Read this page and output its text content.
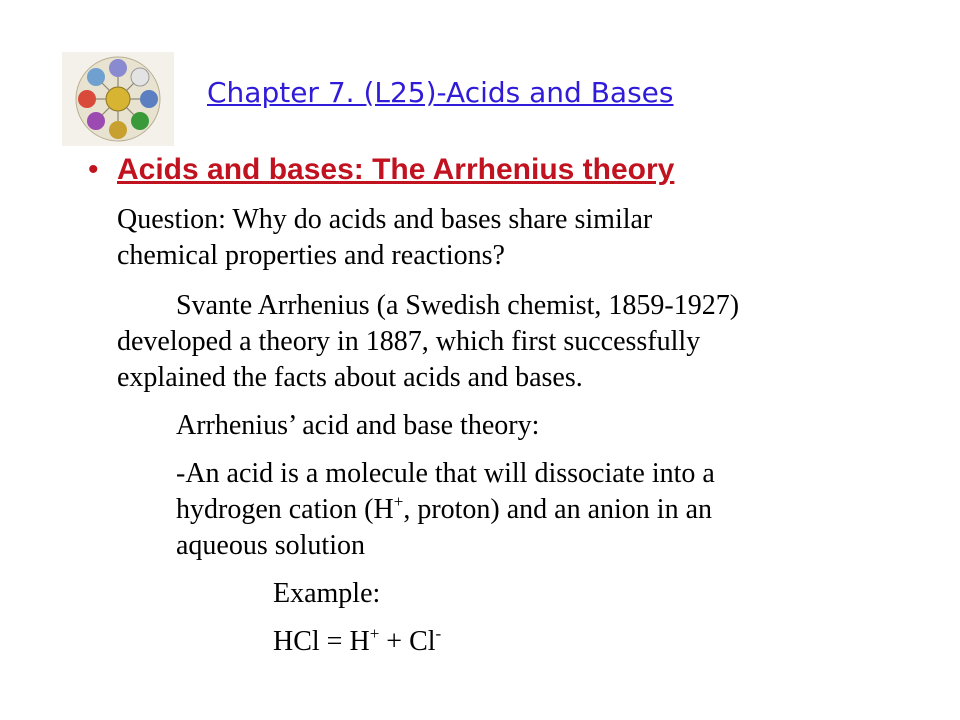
Chapter 7. (L25)-Acids and Bases
• Acids and bases: The Arrhenius theory
Question: Why do acids and bases share similar
chemical properties and reactions?
Svante Arrhenius (a Swedish chemist, 1859-1927)
developed a theory in 1887, which first successfully
explained the facts about acids and bases.
Arrhenius’ acid and base theory:
-An acid is a molecule that will dissociate into a
hydrogen cation (H+, proton) and an anion in an
aqueous solution
Example:
HCl = H+ + Cl-
